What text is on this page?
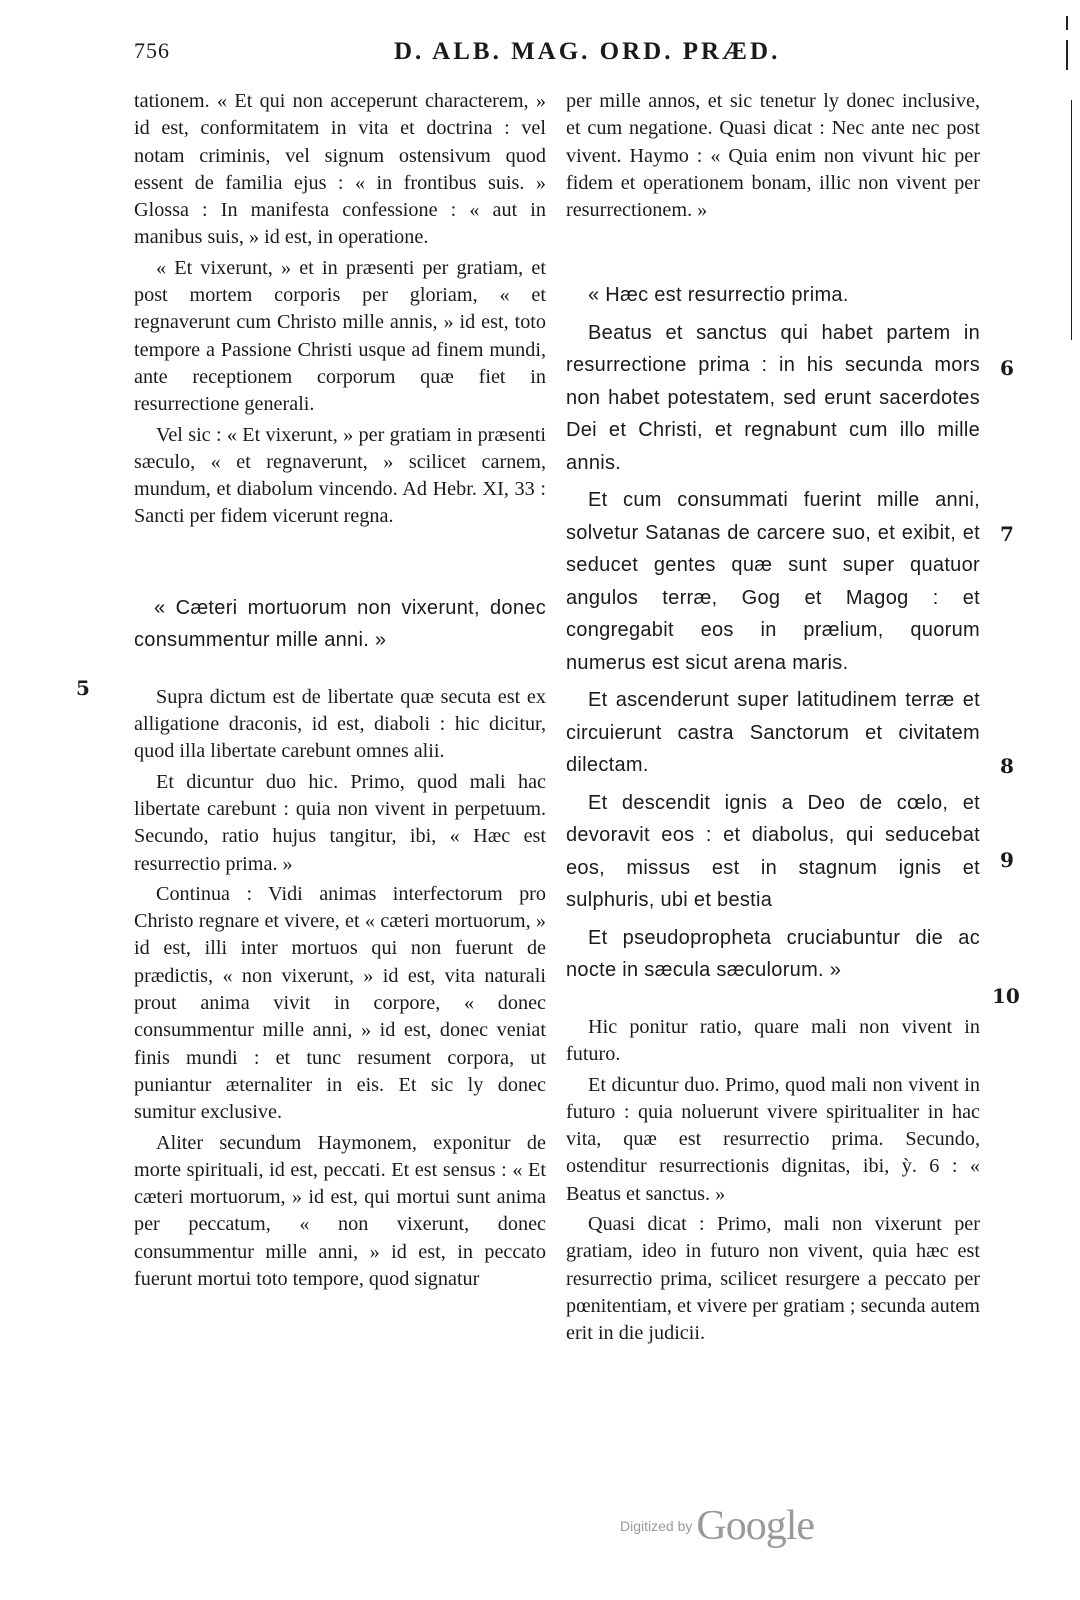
756	D. ALB. MAG. ORD. PRÆD.

tationem. « Et qui non acceperunt characterem, » id est, conformitatem in vita et doctrina : vel notam criminis, vel signum ostensivum quod essent de familia ejus : « in frontibus suis. » Glossa : In manifesta confessione : « aut in manibus suis, » id est, in operatione.

« Et vixerunt, » et in præsenti per gratiam, et post mortem corporis per gloriam, « et regnaverunt cum Christo mille annis, » id est, toto tempore a Passione Christi usque ad finem mundi, ante receptionem corporum quæ fiet in resurrectione generali.

Vel sic : « Et vixerunt, » per gratiam in præsenti sæculo, « et regnaverunt, » scilicet carnem, mundum, et diabolum vincendo. Ad Hebr. XI, 33 : Sancti per fidem vicerunt regna.

« Cæteri mortuorum non vixerunt, donec consummentur mille anni. »

Supra dictum est de libertate quæ secuta est ex alligatione draconis, id est, diaboli : hic dicitur, quod illa libertate carebunt omnes alii.

Et dicuntur duo hic. Primo, quod mali hac libertate carebunt : quia non vivent in perpetuum. Secundo, ratio hujus tangitur, ibi, « Hæc est resurrectio prima. »

Continua : Vidi animas interfectorum pro Christo regnare et vivere, et « cæteri mortuorum, » id est, illi inter mortuos qui non fuerunt de prædictis, « non vixerunt, » id est, vita naturali prout anima vivit in corpore, « donec consummentur mille anni, » id est, donec veniat finis mundi : et tunc resument corpora, ut puniantur æternaliter in eis. Et sic ly donec sumitur exclusive.

Aliter secundum Haymonem, exponitur de morte spirituali, id est, peccati. Et est sensus : « Et cæteri mortuorum, » id est, qui mortui sunt anima per peccatum, « non vixerunt, donec consummentur mille anni, » id est, in peccato fuerunt mortui toto tempore, quod signatur

per mille annos, et sic tenetur ly donec inclusive, et cum negatione. Quasi dicat : Nec ante nec post vivent. Haymo : « Quia enim non vivunt hic per fidem et operationem bonam, illic non vivent per resurrectionem. »

« Hæc est resurrectio prima.

Beatus et sanctus qui habet partem in resurrectione prima : in his secunda mors non habet potestatem, sed erunt sacerdotes Dei et Christi, et regnabunt cum illo mille annis.

Et cum consummati fuerint mille anni, solvetur Satanas de carcere suo, et exibit, et seducet gentes quæ sunt super quatuor angulos terræ, Gog et Magog : et congregabit eos in prælium, quorum numerus est sicut arena maris.

Et ascenderunt super latitudinem terræ et circuierunt castra Sanctorum et civitatem dilectam.

Et descendit ignis a Deo de cœlo, et devoravit eos : et diabolus, qui seducebat eos, missus est in stagnum ignis et sulphuris, ubi et bestia

Et pseudopropheta cruciabuntur die ac nocte in sæcula sæculorum. »

Hic ponitur ratio, quare mali non vivent in futuro.

Et dicuntur duo. Primo, quod mali non vivent in futuro : quia noluerunt vivere spiritualiter in hac vita, quæ est resurrectio prima. Secundo, ostenditur resurrectionis dignitas, ibi, ỳ. 6 : « Beatus et sanctus. »

Quasi dicat : Primo, mali non vixerunt per gratiam, ideo in futuro non vivent, quia hæc est resurrectio prima, scilicet resurgere a peccato per pœnitentiam, et vivere per gratiam ; secunda autem erit in die judicii.

5
6
7
8
9
10
Digitized by Google
